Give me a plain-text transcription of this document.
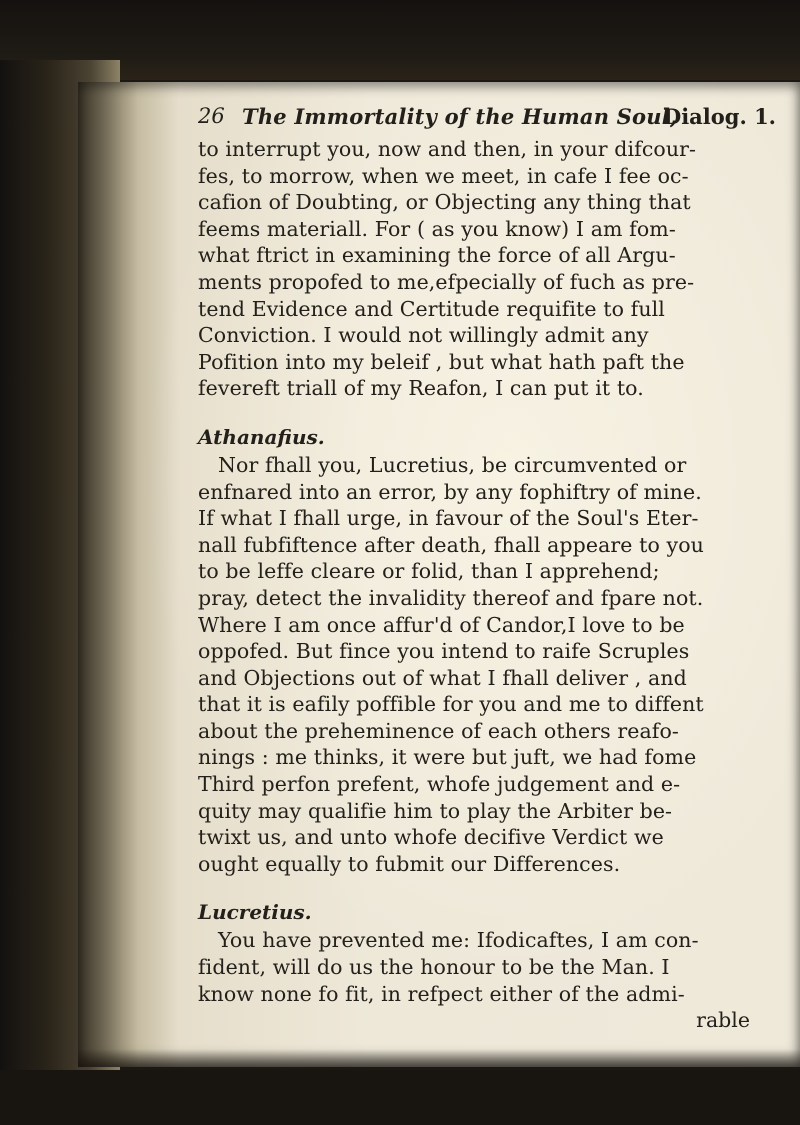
26 The Immortality of the Human Soul,
Dialog. 1.
to interrupt you, now and then, in your difcour-
fes, to morrow, when we meet, in cafe I fee oc-
cafion of Doubting, or Objecting any thing that
feems materiall. For ( as you know) I am fom-
what ftrict in examining the force of all Argu-
ments propofed to me,efpecially of fuch as pre-
tend Evidence and Certitude requifite to full
Conviction. I would not willingly admit any
Pofition into my beleif , but what hath paft the
fevereft triall of my Reafon, I can put it to.
Athanafius.
Nor fhall you, Lucretius, be circumvented or
enfnared into an error, by any fophiftry of mine.
If what I fhall urge, in favour of the Soul's Eter-
nall fubfiftence after death, fhall appeare to you
to be leffe cleare or folid, than I apprehend;
pray, detect the invalidity thereof and fpare not.
Where I am once affur'd of Candor,I love to be
oppofed. But fince you intend to raife Scruples
and Objections out of what I fhall deliver , and
that it is eafily poffible for you and me to diffent
about the preheminence of each others reafo-
nings : me thinks, it were but juft, we had fome
Third perfon prefent, whofe judgement and e-
quity may qualifie him to play the Arbiter be-
twixt us, and unto whofe decifive Verdict we
ought equally to fubmit our Differences.
Lucretius.
You have prevented me: Ifodicaftes, I am con-
fident, will do us the honour to be the Man. I
know none fo fit, in refpect either of the admi-
rable
